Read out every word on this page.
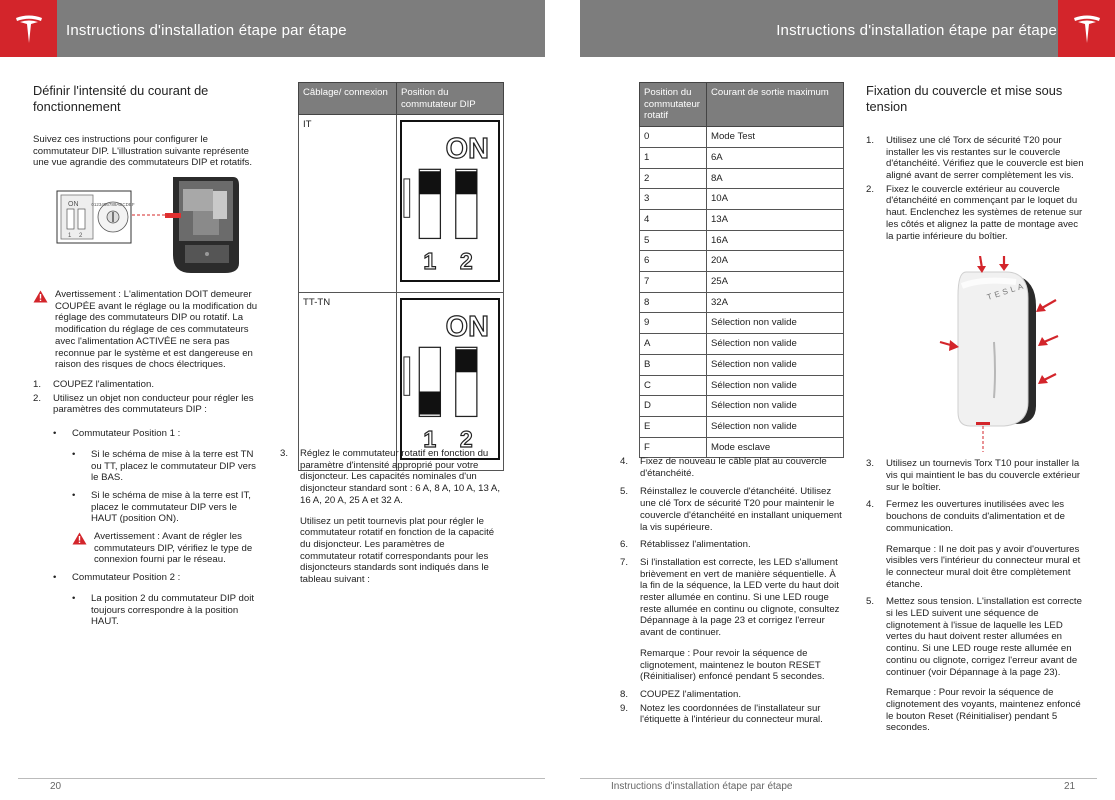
Instructions d'installation étape par étape	Instructions d'installation étape par étape
Définir l'intensité du courant de fonctionnement

Suivez ces instructions pour configurer le commutateur DIP. L'illustration suivante représente une vue agrandie des commutateurs DIP et rotatifs.

ON
1 2
0123456789ABCDEF
Avertissement : L'alimentation DOIT demeurer COUPÉE avant le réglage ou la modification du réglage des commutateurs DIP ou rotatif. La modification du réglage de ces commutateurs avec l'alimentation ACTIVÉE ne sera pas reconnue par le système et est dangereuse en raison des risques de chocs électriques.
1. COUPEZ l'alimentation.
2. Utilisez un objet non conducteur pour régler les paramètres des commutateurs DIP :
• Commutateur Position 1 :
• Si le schéma de mise à la terre est TN ou TT, placez le commutateur DIP vers le BAS.
• Si le schéma de mise à la terre est IT, placez le commutateur DIP vers le HAUT (position ON).
Avertissement : Avant de régler les commutateurs DIP, vérifiez le type de connexion fourni par le réseau.
• Commutateur Position 2 :
• La position 2 du commutateur DIP doit toujours correspondre à la position HAUT.
Câblage/ connexion	Position du commutateur DIP
IT	ON
1 2

TT-TN	ON
1 2
3. Réglez le commutateur rotatif en fonction du paramètre d'intensité approprié pour votre disjoncteur. Les capacités nominales d'un disjoncteur standard sont : 6 A, 8 A, 10 A, 13 A, 16 A, 20 A, 25 A et 32 A.

Utilisez un petit tournevis plat pour régler le commutateur rotatif en fonction de la capacité du disjoncteur. Les paramètres de commutateur rotatif correspondants pour les disjoncteurs standards sont indiqués dans le tableau suivant :

Position du commutateur rotatif	Courant de sortie maximum
0	Mode Test
1	6A
2	8A
3	10A
4	13A
5	16A
6	20A
7	25A
8	32A
9	Sélection non valide
A	Sélection non valide
B	Sélection non valide
C	Sélection non valide
D	Sélection non valide
E	Sélection non valide
F	Mode esclave
4. Fixez de nouveau le câble plat au couvercle d'étanchéité.
5. Réinstallez le couvercle d'étanchéité. Utilisez une clé Torx de sécurité T20 pour maintenir le couvercle d'étanchéité en installant uniquement la vis supérieure.
6. Rétablissez l'alimentation.
7. Si l'installation est correcte, les LED s'allument brièvement en vert de manière séquentielle. À la fin de la séquence, la LED verte du haut doit rester allumée en continu. Si une LED rouge reste allumée en continu ou clignote, consultez Dépannage à la page 23 et corrigez l'erreur avant de continuer.

Remarque : Pour revoir la séquence de clignotement, maintenez le bouton RESET (Réinitialiser) enfoncé pendant 5 secondes.

8. COUPEZ l'alimentation.
9. Notez les coordonnées de l'installateur sur l'étiquette à l'intérieur du connecteur mural.
Fixation du couvercle et mise sous tension
1. Utilisez une clé Torx de sécurité T20 pour installer les vis restantes sur le couvercle d'étanchéité. Vérifiez que le couvercle est bien aligné avant de serrer complètement les vis.
2. Fixez le couvercle extérieur au couvercle d'étanchéité en commençant par le loquet du haut. Enclenchez les systèmes de retenue sur les côtés et alignez la patte de montage avec la partie inférieure du boîtier.
TESLA
3. Utilisez un tournevis Torx T10 pour installer la vis qui maintient le bas du couvercle extérieur sur le boîtier.
4. Fermez les ouvertures inutilisées avec les bouchons de conduits d'alimentation et de communication.

Remarque : Il ne doit pas y avoir d'ouvertures visibles vers l'intérieur du connecteur mural et le connecteur mural doit être complètement étanche.

5. Mettez sous tension. L'installation est correcte si les LED suivent une séquence de clignotement à l'issue de laquelle les LED vertes du haut doivent rester allumées en continu. Si une LED rouge reste allumée en continu ou clignote, corrigez l'erreur avant de continuer (voir Dépannage à la page 23).

Remarque : Pour revoir la séquence de clignotement des voyants, maintenez enfoncé le bouton Reset (Réinitialiser) pendant 5 secondes.

20	Instructions d'installation étape par étape	21
